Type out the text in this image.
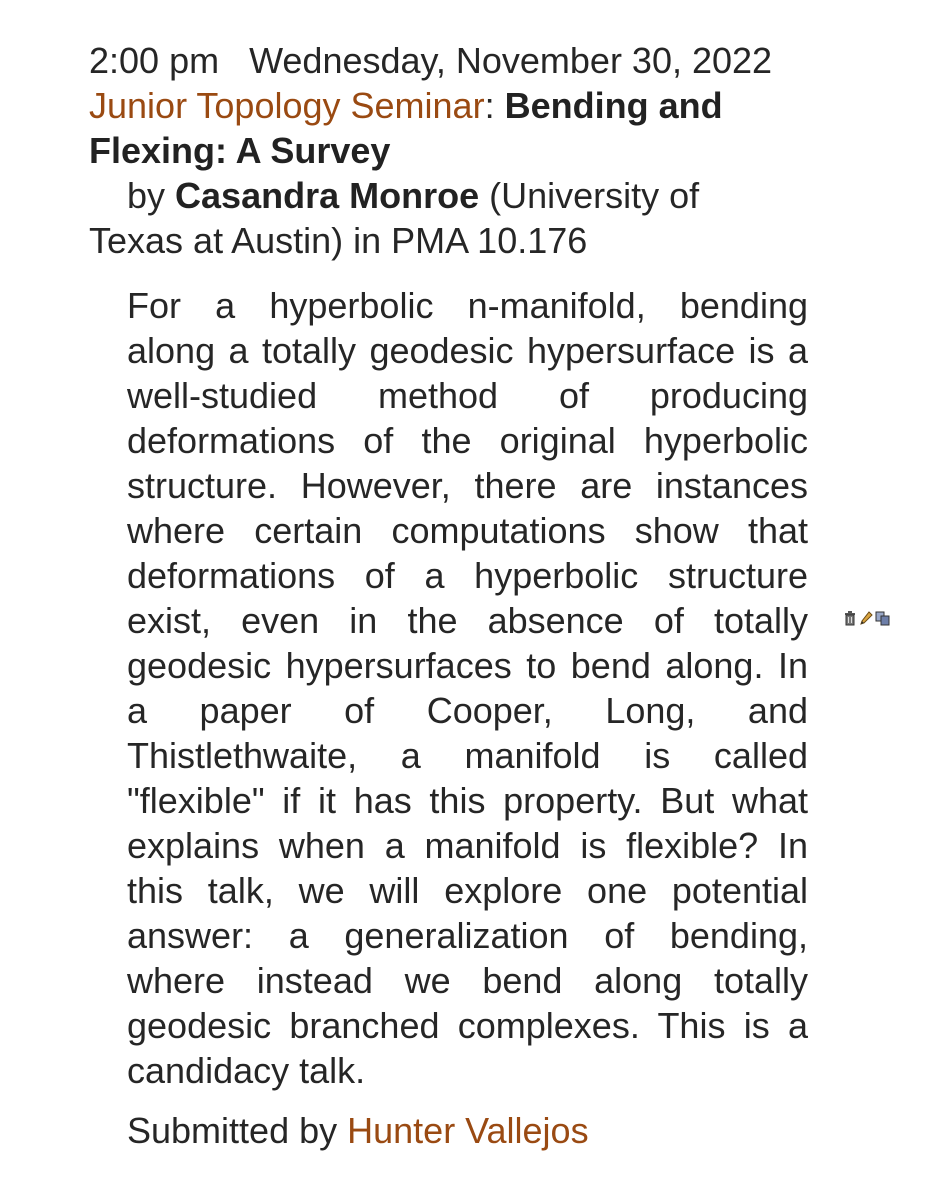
2:00 pm Wednesday, November 30, 2022

Junior Topology Seminar: Bending and Flexing: A Survey

by Casandra Monroe (University of Texas at Austin) in PMA 10.176

For a hyperbolic n-manifold, bending along a totally geodesic hypersurface is a well-studied method of producing deformations of the original hyperbolic structure. However, there are instances where certain computations show that deformations of a hyperbolic structure exist, even in the absence of totally geodesic hypersurfaces to bend along. In a paper of Cooper, Long, and Thistlethwaite, a manifold is called "flexible" if it has this property. But what explains when a manifold is flexible? In this talk, we will explore one potential answer: a generalization of bending, where instead we bend along totally geodesic branched complexes. This is a candidacy talk.

Submitted by Hunter Vallejos
